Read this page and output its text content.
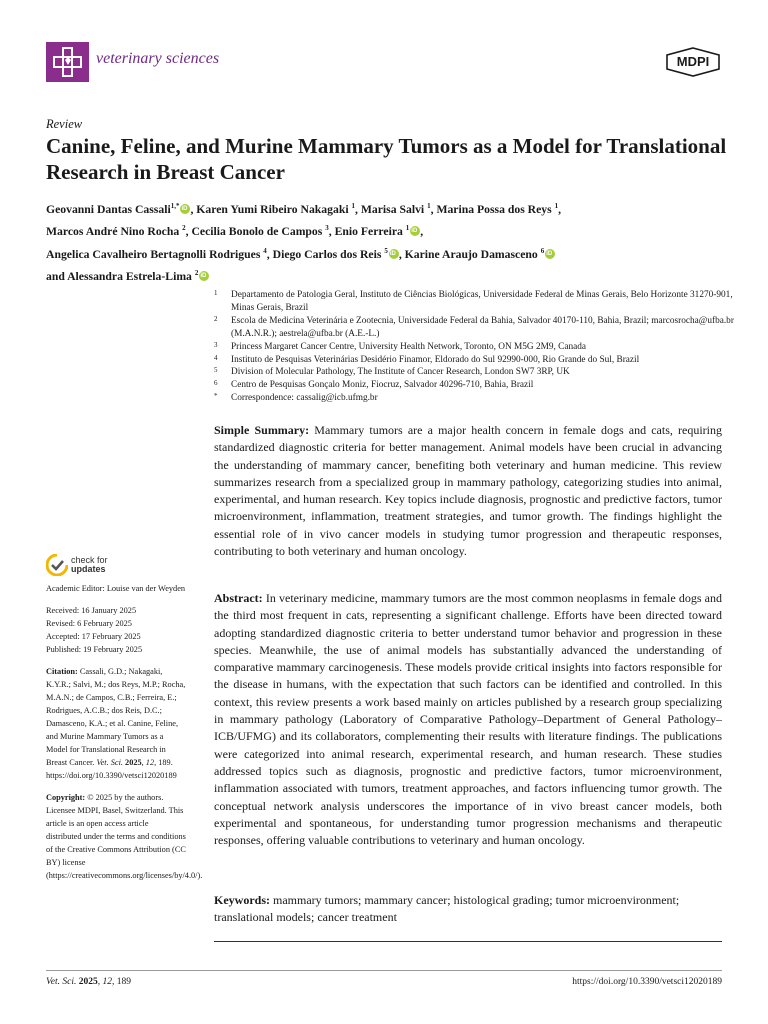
veterinary sciences	MDPI
Review
Canine, Feline, and Murine Mammary Tumors as a Model for Translational Research in Breast Cancer
Geovanni Dantas Cassali$^{1,*}$ iD , Karen Yumi Ribeiro Nakagaki $^1$, Marisa Salvi $^1$, Marina Possa dos Reys $^1$,
Marcos André Nino Rocha $^2$, Cecilia Bonolo de Campos $^3$, Enio Ferreira $^1$ iD ,
Angelica Cavalheiro Bertagnolli Rodrigues $^4$, Diego Carlos dos Reis $^5$ iD , Karine Araujo Damasceno $^6$iD
and Alessandra Estrela-Lima $^2$iD
1	Departamento de Patologia Geral, Instituto de Ciências Biológicas, Universidade Federal de Minas Gerais, Belo Horizonte 31270-901, Minas Gerais, Brazil
2	Escola de Medicina Veterinária e Zootecnia, Universidade Federal da Bahia, Salvador 40170-110, Bahia, Brazil; marcosrocha@ufba.br (M.A.N.R.); aestrela@ufba.br (A.E.-L.)
3	Princess Margaret Cancer Centre, University Health Network, Toronto, ON M5G 2M9, Canada
4	Instituto de Pesquisas Veterinárias Desidério Finamor, Eldorado do Sul 92990-000, Rio Grande do Sul, Brazil
5	Division of Molecular Pathology, The Institute of Cancer Research, London SW7 3RP, UK
6	Centro de Pesquisas Gonçalo Moniz, Fiocruz, Salvador 40296-710, Bahia, Brazil
*	Correspondence: cassalig@icb.ufmg.br
Simple Summary: Mammary tumors are a major health concern in female dogs and cats, requiring standardized diagnostic criteria for better management. Animal models have been crucial in advancing the understanding of mammary cancer, benefiting both veterinary and human medicine. This review summarizes research from a specialized group in mammary pathology, categorizing studies into animal, experimental, and human research. Key topics include diagnosis, prognostic and predictive factors, tumor microenvironment, inflammation, treatment strategies, and tumor growth. The findings highlight the essential role of in vivo cancer models in studying tumor progression and therapeutic responses, contributing to both veterinary and human oncology.
Abstract: In veterinary medicine, mammary tumors are the most common neoplasms in female dogs and the third most frequent in cats, representing a significant challenge. Efforts have been directed toward adopting standardized diagnostic criteria to better understand tumor behavior and progression in these species. Meanwhile, the use of animal models has substantially advanced the understanding of comparative mammary carcinogenesis. These models provide critical insights into factors responsible for the disease in humans, with the expectation that such factors can be identified and controlled. In this context, this review presents a work based mainly on articles published by a research group specializing in mammary pathology (Laboratory of Comparative Pathology–Department of General Pathology–ICB/UFMG) and its collaborators, complementing their results with literature findings. The publications were categorized into animal research, experimental research, and human research. These studies addressed topics such as diagnosis, prognostic and predictive factors, tumor microenvironment, inflammation associated with tumors, treatment approaches, and factors influencing tumor growth. The conceptual network analysis underscores the importance of in vivo breast cancer models, both experimental and spontaneous, for understanding tumor progression mechanisms and therapeutic responses, offering valuable contributions to veterinary and human oncology.
Keywords: mammary tumors; mammary cancer; histological grading; tumor microenvironment; translational models; cancer treatment
check for
updates

Academic Editor: Louise van der Weyden

Received: 16 January 2025

Revised: 6 February 2025

Accepted: 17 February 2025

Published: 19 February 2025

Citation: Cassali, G.D.; Nakagaki, K.Y.R.; Salvi, M.; dos Reys, M.P.; Rocha, M.A.N.; de Campos, C.B.; Ferreira, E.; Rodrigues, A.C.B.; dos Reis, D.C.; Damasceno, K.A.; et al. Canine, Feline, and Murine Mammary Tumors as a Model for Translational Research in Breast Cancer. Vet. Sci. 2025, 12, 189. https://doi.org/10.3390/vetsci12020189

Copyright: © 2025 by the authors. Licensee MDPI, Basel, Switzerland. This article is an open access article distributed under the terms and conditions of the Creative Commons Attribution (CC BY) license (https://creativecommons.org/licenses/by/4.0/).

Vet. Sci. 2025, 12, 189	https://doi.org/10.3390/vetsci12020189
